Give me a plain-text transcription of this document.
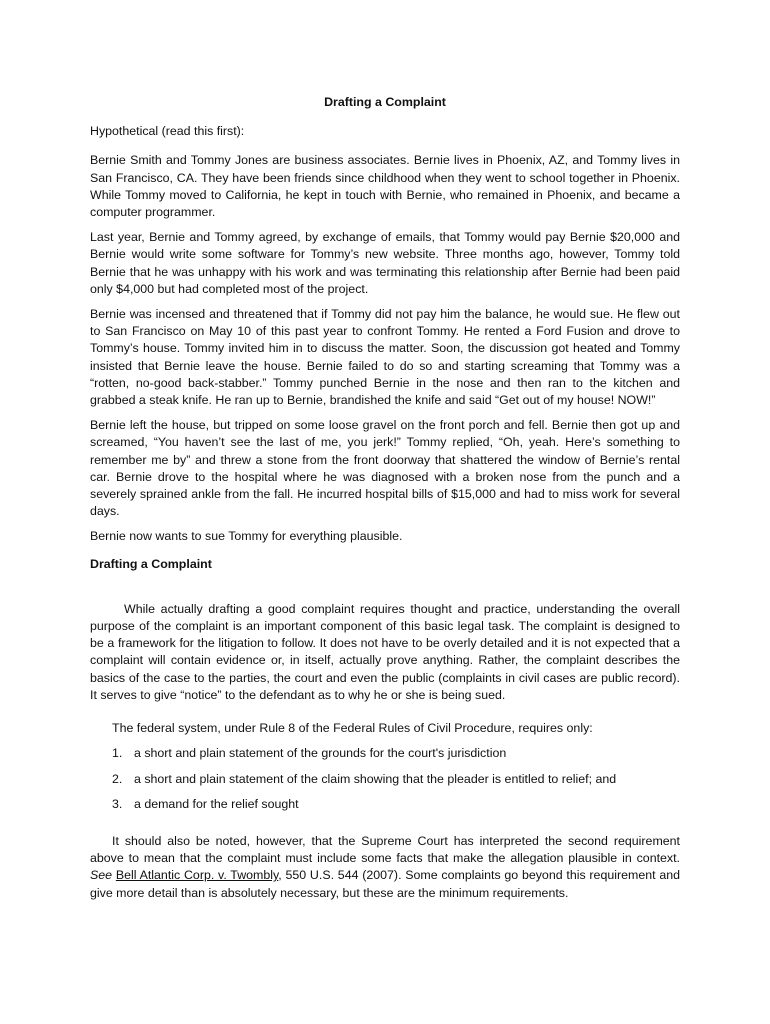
Drafting a Complaint
Hypothetical (read this first):

Bernie Smith and Tommy Jones are business associates. Bernie lives in Phoenix, AZ, and Tommy lives in San Francisco, CA. They have been friends since childhood when they went to school together in Phoenix. While Tommy moved to California, he kept in touch with Bernie, who remained in Phoenix, and became a computer programmer.

Last year, Bernie and Tommy agreed, by exchange of emails, that Tommy would pay Bernie $20,000 and Bernie would write some software for Tommy’s new website. Three months ago, however, Tommy told Bernie that he was unhappy with his work and was terminating this relationship after Bernie had been paid only $4,000 but had completed most of the project.

Bernie was incensed and threatened that if Tommy did not pay him the balance, he would sue. He flew out to San Francisco on May 10 of this past year to confront Tommy. He rented a Ford Fusion and drove to Tommy’s house. Tommy invited him in to discuss the matter. Soon, the discussion got heated and Tommy insisted that Bernie leave the house. Bernie failed to do so and starting screaming that Tommy was a “rotten, no-good back-stabber.” Tommy punched Bernie in the nose and then ran to the kitchen and grabbed a steak knife. He ran up to Bernie, brandished the knife and said “Get out of my house! NOW!”

Bernie left the house, but tripped on some loose gravel on the front porch and fell. Bernie then got up and screamed, “You haven’t see the last of me, you jerk!” Tommy replied, “Oh, yeah. Here’s something to remember me by” and threw a stone from the front doorway that shattered the window of Bernie’s rental car. Bernie drove to the hospital where he was diagnosed with a broken nose from the punch and a severely sprained ankle from the fall. He incurred hospital bills of $15,000 and had to miss work for several days.

Bernie now wants to sue Tommy for everything plausible.

Drafting a Complaint

While actually drafting a good complaint requires thought and practice, understanding the overall purpose of the complaint is an important component of this basic legal task. The complaint is designed to be a framework for the litigation to follow. It does not have to be overly detailed and it is not expected that a complaint will contain evidence or, in itself, actually prove anything. Rather, the complaint describes the basics of the case to the parties, the court and even the public (complaints in civil cases are public record). It serves to give “notice” to the defendant as to why he or she is being sued.

The federal system, under Rule 8 of the Federal Rules of Civil Procedure, requires only:
1. a short and plain statement of the grounds for the court's jurisdiction
2. a short and plain statement of the claim showing that the pleader is entitled to relief; and
3. a demand for the relief sought

It should also be noted, however, that the Supreme Court has interpreted the second requirement above to mean that the complaint must include some facts that make the allegation plausible in context. See Bell Atlantic Corp. v. Twombly, 550 U.S. 544 (2007). Some complaints go beyond this requirement and give more detail than is absolutely necessary, but these are the minimum requirements.
